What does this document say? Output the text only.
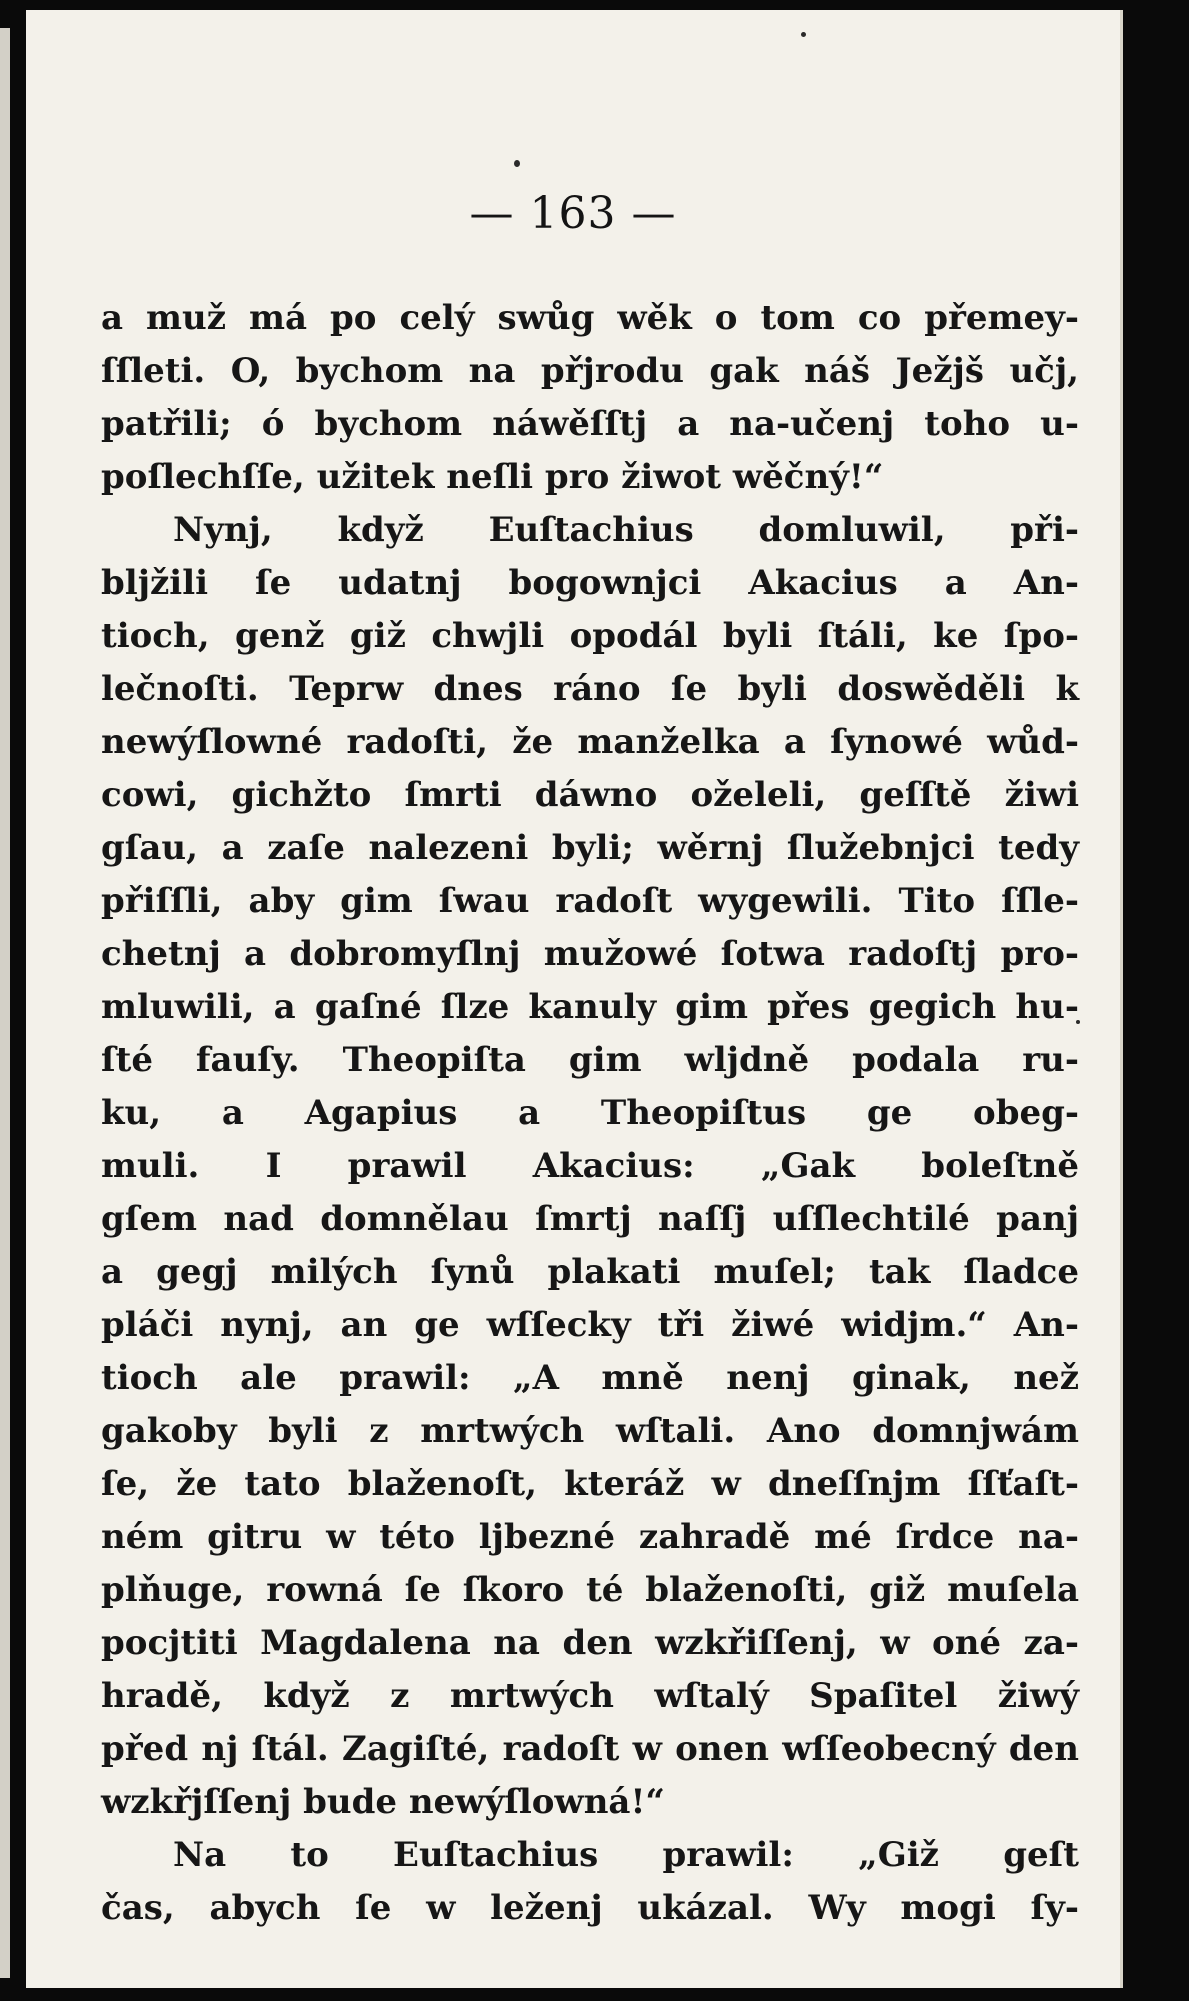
— 163 —
a muž má po celý swůg wěk o tom co přemey-
ſſleti. O, bychom na přjrodu gak náš Ježjš učj,
patřili; ó bychom náwěſſtj a na-učenj toho u-
poſlechſſe, užitek neſli pro žiwot wěčný!“
Nynj, když Euſtachius domluwil, při-
bljžili ſe udatnj bogownjci Akacius a An-
tioch, genž giž chwjli opodál byli ſtáli, ke ſpo-
lečnoſti. Teprw dnes ráno ſe byli doswěděli k
newýſlowné radoſti, že manželka a ſynowé wůd-
cowi, gichžto ſmrti dáwno oželeli, geſſtě žiwi
gſau, a zaſe nalezeni byli; wěrnj ſlužebnjci tedy
přiſſli, aby gim ſwau radoſt wygewili. Tito ſſle-
chetnj a dobromyſlnj mužowé ſotwa radoſtj pro-
mluwili, a gaſné ſlze kanuly gim přes gegich hu-
ſté fauſy. Theopiſta gim wljdně podala ru-
ku, a Agapius a Theopiſtus ge obeg-
muli. I prawil Akacius: „Gak boleſtně
gſem nad domnělau ſmrtj naſſj uſſlechtilé panj
a gegj milých ſynů plakati muſel; tak ſladce
pláči nynj, an ge wſſecky tři žiwé widjm.“ An-
tioch ale prawil: „A mně nenj ginak, než
gakoby byli z mrtwých wſtali. Ano domnjwám
ſe, že tato blaženoſt, kteráž w dneſſnjm ſſťaſt-
ném gitru w této ljbezné zahradě mé ſrdce na-
plňuge, rowná ſe ſkoro té blaženoſti, giž muſela
pocjtiti Magdalena na den wzkřiſſenj, w oné za-
hradě, když z mrtwých wſtalý Spaſitel žiwý
před nj ſtál. Zagiſté, radoſt w onen wſſeobecný den
wzkřjſſenj bude newýſlowná!“
Na to Euſtachius prawil: „Giž geſt
čas, abych ſe w leženj ukázal. Wy mogi ſy-
